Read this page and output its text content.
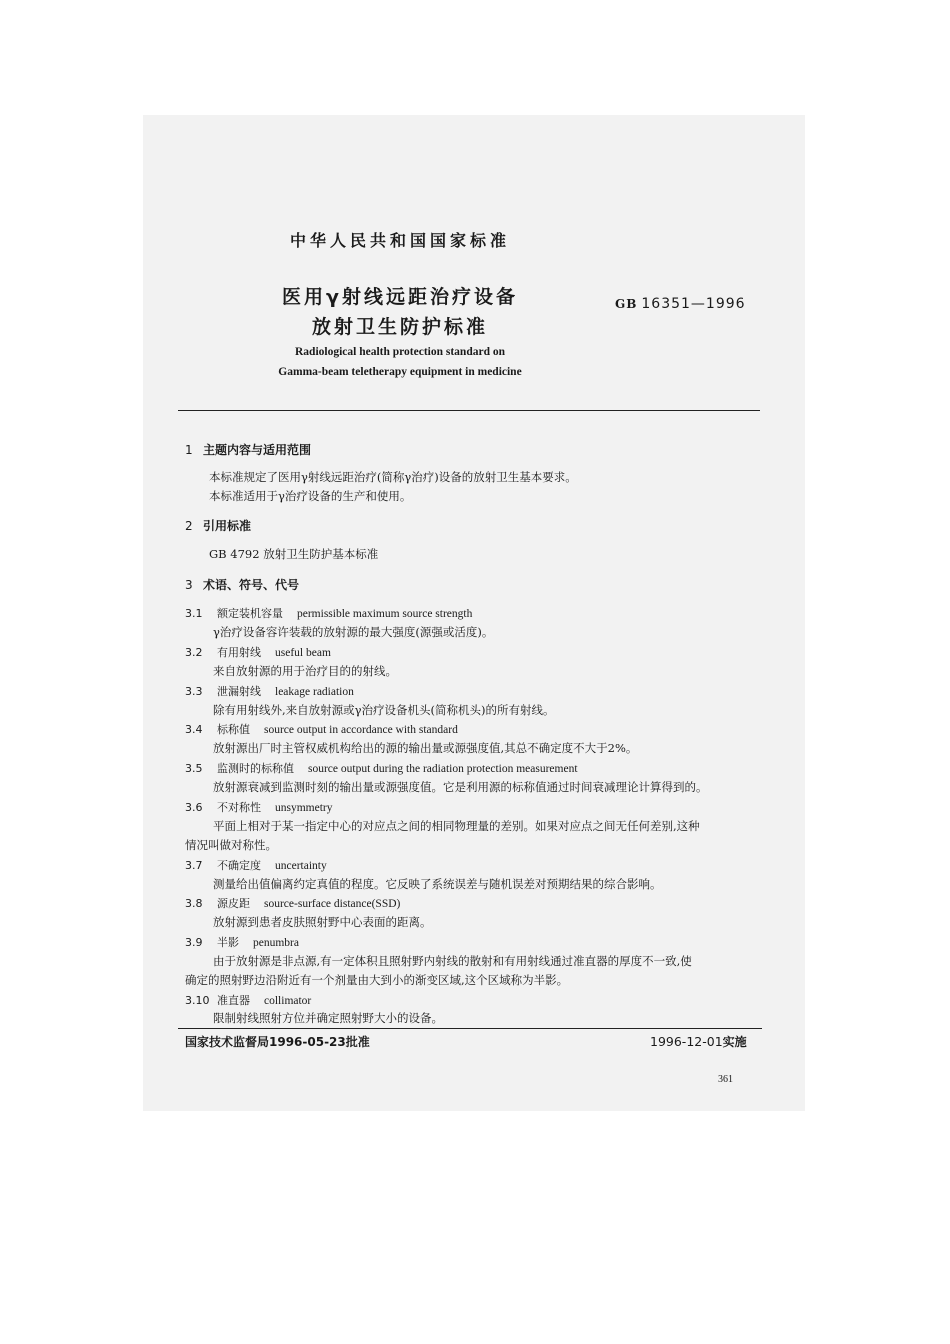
中华人民共和国国家标准
医用γ射线远距治疗设备
放射卫生防护标准
GB 16351—1996
Radiological health protection standard on
Gamma-beam teletherapy equipment in medicine
1 主题内容与适用范围
本标准规定了医用γ射线远距治疗(简称γ治疗)设备的放射卫生基本要求。
本标准适用于γ治疗设备的生产和使用。
2 引用标准
GB 4792 放射卫生防护基本标准
3 术语、符号、代号
3.1 额定装机容量 permissible maximum source strength
γ治疗设备容许装载的放射源的最大强度(源强或活度)。
3.2 有用射线 useful beam
来自放射源的用于治疗目的的射线。
3.3 泄漏射线 leakage radiation
除有用射线外,来自放射源或γ治疗设备机头(简称机头)的所有射线。
3.4 标称值 source output in accordance with standard
放射源出厂时主管权威机构给出的源的输出量或源强度值,其总不确定度不大于2%。
3.5 监测时的标称值 source output during the radiation protection measurement
放射源衰减到监测时刻的输出量或源强度值。它是利用源的标称值通过时间衰减理论计算得到的。
3.6 不对称性 unsymmetry
平面上相对于某一指定中心的对应点之间的相同物理量的差别。如果对应点之间无任何差别,这种
情况叫做对称性。
3.7 不确定度 uncertainty
测量给出值偏离约定真值的程度。它反映了系统误差与随机误差对预期结果的综合影响。
3.8 源皮距 source-surface distance(SSD)
放射源到患者皮肤照射野中心表面的距离。
3.9 半影 penumbra
由于放射源是非点源,有一定体积且照射野内射线的散射和有用射线通过准直器的厚度不一致,使
确定的照射野边沿附近有一个剂量由大到小的渐变区域,这个区域称为半影。
3.10 准直器 collimator
限制射线照射方位并确定照射野大小的设备。
国家技术监督局1996-05-23批准	1996-12-01实施
361
